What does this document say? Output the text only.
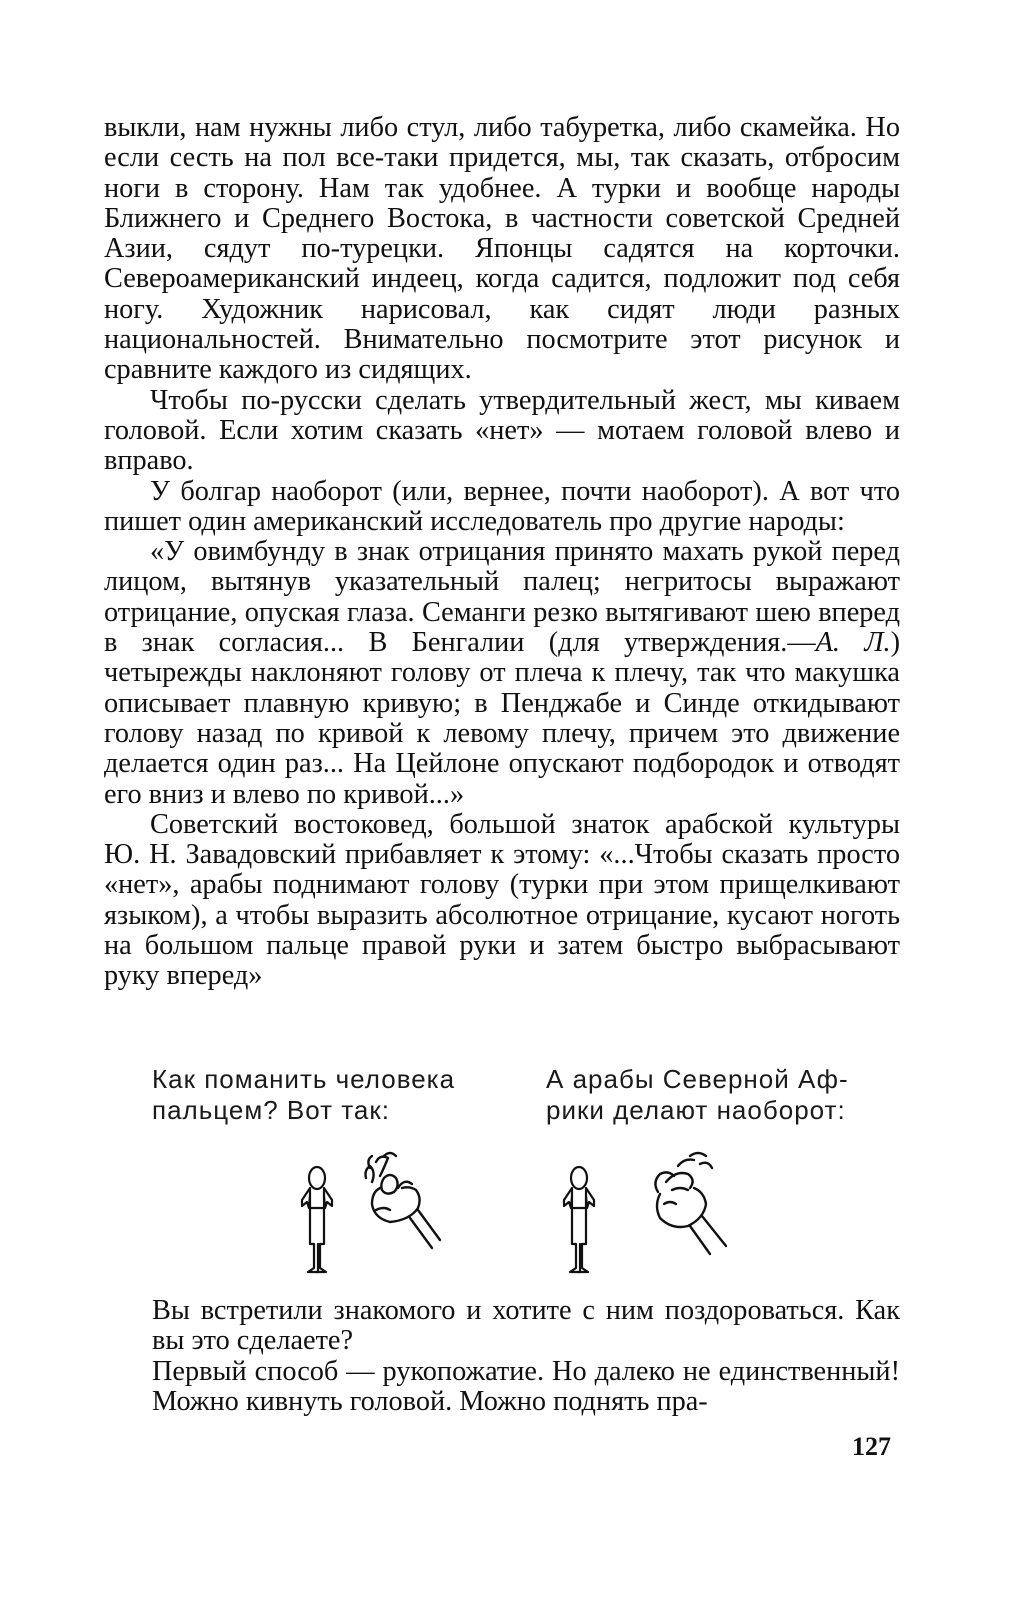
выкли, нам нужны либо стул, либо табуретка, либо скамейка. Но если сесть на пол все-таки придется, мы, так сказать, отбросим ноги в сторону. Нам так удобнее. А турки и вообще народы Ближнего и Среднего Востока, в частности советской Средней Азии, сядут по-турецки. Японцы садятся на корточки. Североамериканский индеец, когда садится, подложит под себя ногу. Художник нарисовал, как сидят люди разных национальностей. Внимательно посмотрите этот рисунок и сравните каждого из сидящих.

Чтобы по-русски сделать утвердительный жест, мы киваем головой. Если хотим сказать «нет» — мотаем головой влево и вправо.

У болгар наоборот (или, вернее, почти наоборот). А вот что пишет один американский исследователь про другие народы:

«У овимбунду в знак отрицания принято махать рукой перед лицом, вытянув указательный палец; негритосы выражают отрицание, опуская глаза. Семанги резко вытягивают шею вперед в знак согласия... В Бенгалии (для утверждения.—А. Л.) четырежды наклоняют голову от плеча к плечу, так что макушка описывает плавную кривую; в Пенджабе и Синде откидывают голову назад по кривой к левому плечу, причем это движение делается один раз... На Цейлоне опускают подбородок и отводят его вниз и влево по кривой...»

Советский востоковед, большой знаток арабской культуры Ю. Н. Завадовский прибавляет к этому: «...Чтобы сказать просто «нет», арабы поднимают голову (турки при этом прищелкивают языком), а чтобы выразить абсолютное отрицание, кусают ноготь на большом пальце правой руки и затем быстро выбрасывают руку вперед»

Как поманить человека
пальцем? Вот так:
А арабы Северной Аф-
рики делают наоборот:

Вы встретили знакомого и хотите с ним поздороваться. Как вы это сделаете?

Первый способ — рукопожатие. Но далеко не единственный! Можно кивнуть головой. Можно поднять пра-

127
